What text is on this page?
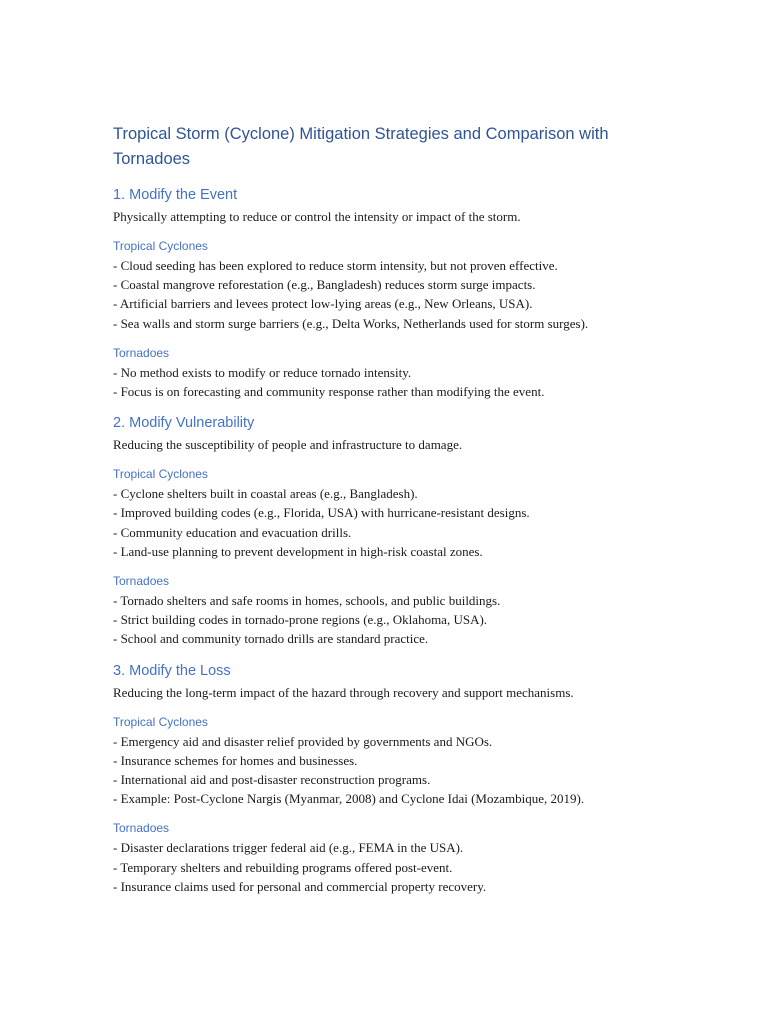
Tropical Storm (Cyclone) Mitigation Strategies and Comparison with Tornadoes
1. Modify the Event

Physically attempting to reduce or control the intensity or impact of the storm.

Tropical Cyclones
- Cloud seeding has been explored to reduce storm intensity, but not proven effective.
- Coastal mangrove reforestation (e.g., Bangladesh) reduces storm surge impacts.
- Artificial barriers and levees protect low-lying areas (e.g., New Orleans, USA).
- Sea walls and storm surge barriers (e.g., Delta Works, Netherlands used for storm surges).
Tornadoes
- No method exists to modify or reduce tornado intensity.
- Focus is on forecasting and community response rather than modifying the event.
2. Modify Vulnerability

Reducing the susceptibility of people and infrastructure to damage.

Tropical Cyclones
- Cyclone shelters built in coastal areas (e.g., Bangladesh).
- Improved building codes (e.g., Florida, USA) with hurricane-resistant designs.
- Community education and evacuation drills.
- Land-use planning to prevent development in high-risk coastal zones.
Tornadoes
- Tornado shelters and safe rooms in homes, schools, and public buildings.
- Strict building codes in tornado-prone regions (e.g., Oklahoma, USA).
- School and community tornado drills are standard practice.
3. Modify the Loss

Reducing the long-term impact of the hazard through recovery and support mechanisms.

Tropical Cyclones
- Emergency aid and disaster relief provided by governments and NGOs.
- Insurance schemes for homes and businesses.
- International aid and post-disaster reconstruction programs.
- Example: Post-Cyclone Nargis (Myanmar, 2008) and Cyclone Idai (Mozambique, 2019).
Tornadoes
- Disaster declarations trigger federal aid (e.g., FEMA in the USA).
- Temporary shelters and rebuilding programs offered post-event.
- Insurance claims used for personal and commercial property recovery.
